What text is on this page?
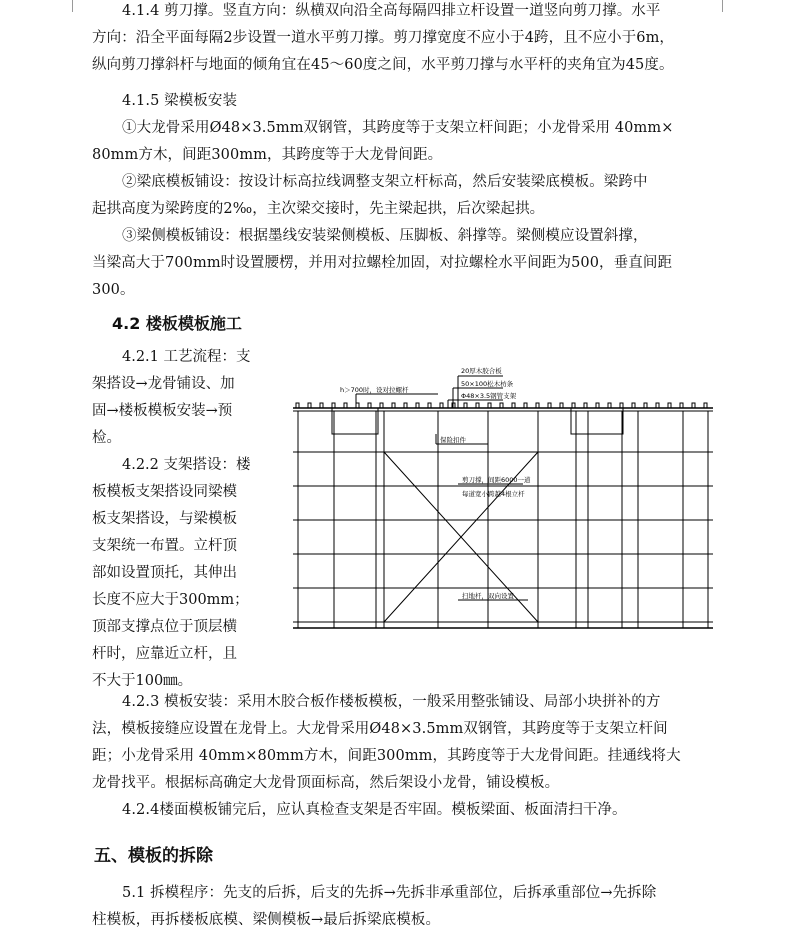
4.1.4 剪刀撑。竖直方向：纵横双向沿全高每隔四排立杆设置一道竖向剪刀撑。水平
方向：沿全平面每隔2步设置一道水平剪刀撑。剪刀撑宽度不应小于4跨，且不应小于6m，
纵向剪刀撑斜杆与地面的倾角宜在45～60度之间，水平剪刀撑与水平杆的夹角宜为45度。
4.1.5 梁模板安装
➀大龙骨采用Ø48×3.5mm双钢管，其跨度等于支架立杆间距；小龙骨采用 40mm×
80mm方木，间距300mm，其跨度等于大龙骨间距。
➁梁底模板铺设：按设计标高拉线调整支架立杆标高，然后安装梁底模板。梁跨中
起拱高度为梁跨度的2‰，主次梁交接时，先主梁起拱，后次梁起拱。
➂梁侧模板铺设：根据墨线安装梁侧模板、压脚板、斜撑等。梁侧模应设置斜撑，
当梁高大于700mm时设置腰楞，并用对拉螺栓加固，对拉螺栓水平间距为500，垂直间距
300。
4.2 楼板模板施工
4.2.1 工艺流程：支
架搭设→龙骨铺设、加
固→楼板模板安装→预
检。
4.2.2 支架搭设：楼
板模板支架搭设同梁模
板支架搭设，与梁模板
支架统一布置。立杆顶
部如设置顶托，其伸出
长度不应大于300mm；
顶部支撑点位于顶层横
杆时，应靠近立杆，且
不大于100㎜。
h＞700时，设对拉螺杆
20厚木胶合板
50×100松木枋条
Φ48×3.5钢管支架
保险扣件
剪刀撑，间距6000一道
每道宽小跨越4根立杆
扫地杆，双向设置
4.2.3 模板安装：采用木胶合板作楼板模板，一般采用整张铺设、局部小块拼补的方
法，模板接缝应设置在龙骨上。大龙骨采用Ø48×3.5mm双钢管，其跨度等于支架立杆间
距；小龙骨采用 40mm×80mm方木，间距300mm，其跨度等于大龙骨间距。挂通线将大
龙骨找平。根据标高确定大龙骨顶面标高，然后架设小龙骨，铺设模板。
4.2.4楼面模板铺完后，应认真检查支架是否牢固。模板梁面、板面清扫干净。
五、模板的拆除
5.1 拆模程序：先支的后拆，后支的先拆→先拆非承重部位，后拆承重部位→先拆除
柱模板，再拆楼板底模、梁侧模板→最后拆梁底模板。
